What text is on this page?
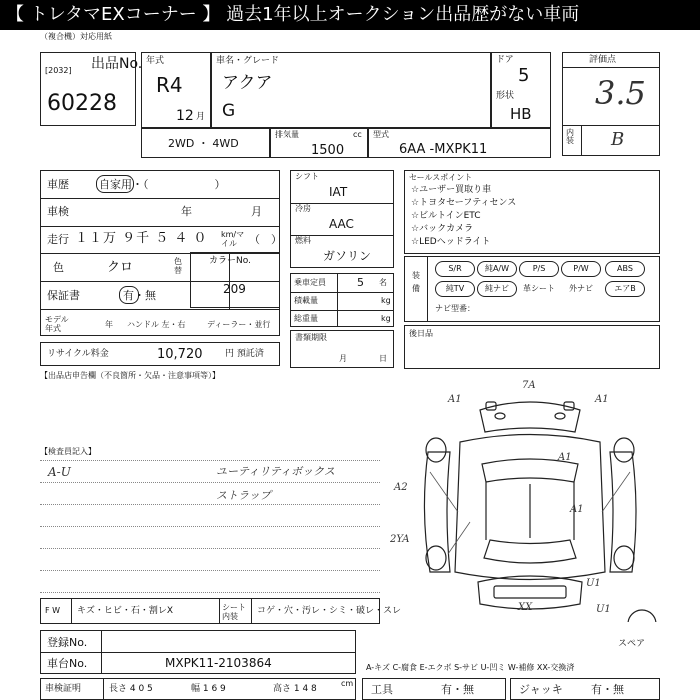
【 トレタマEXコーナー 】 過去1年以上オークション出品歴がない車両
（複合機）対応用紙
出品No.
[2032]
60228
年式
R4
12 月
車名・グレード
アクア
G
ドア
5
形状
HB
評価点
3.5
内装 B
2WD ・ 4WD
排気量	cc
1500
型式
6AA -MXPK11
車歴	自家用・（　　　　　　）
車検	年	月
走行 １１万 ９千 ５ ４ ０ km/マイル	（　）
色	クロ	色替
保証書	有・無
モデル年式	年 ハンドル 左・右	ディーラー・並行
カラーNo.
209
リサイクル料金	10,720	円 預託済
シフト
IAT
冷房
AAC
燃料
ガソリン
乗車定員	5 名
積載量	kg
総重量	kg
書類期限
月	日
セールスポイント
☆ユーザー買取り車
☆トヨタセーフティセンス
☆ビルトインETC
☆バックカメラ
☆LEDヘッドライト
装備
S/R	純A/W	P/S	P/W	ABS
純TV	純ナビ	革シート	外ナビ	エアB
ナビ型番：
後日品
【出品店申告欄（不良箇所・欠品・注意事項等）】
【検査員記入】
A-U	ユーティリティボックス
ストラップ
7A
A1	A1
A1
A2
2YA
U1
XX
A1
U1
F W キズ・ヒビ・石・割レX	シート内装
コゲ・穴・汚レ・シミ・破レ・スレ
登録No.
車台No.	MXPK11-2103864	A-キズ C-腐食 E-エクボ S-サビ U-凹ミ W-補修 XX-交換済
スペア
車検証明	長さ 4 0 5	幅 1 6 9	高さ 1 4 8
cm 工具	有・無	ジャッキ	有・無
